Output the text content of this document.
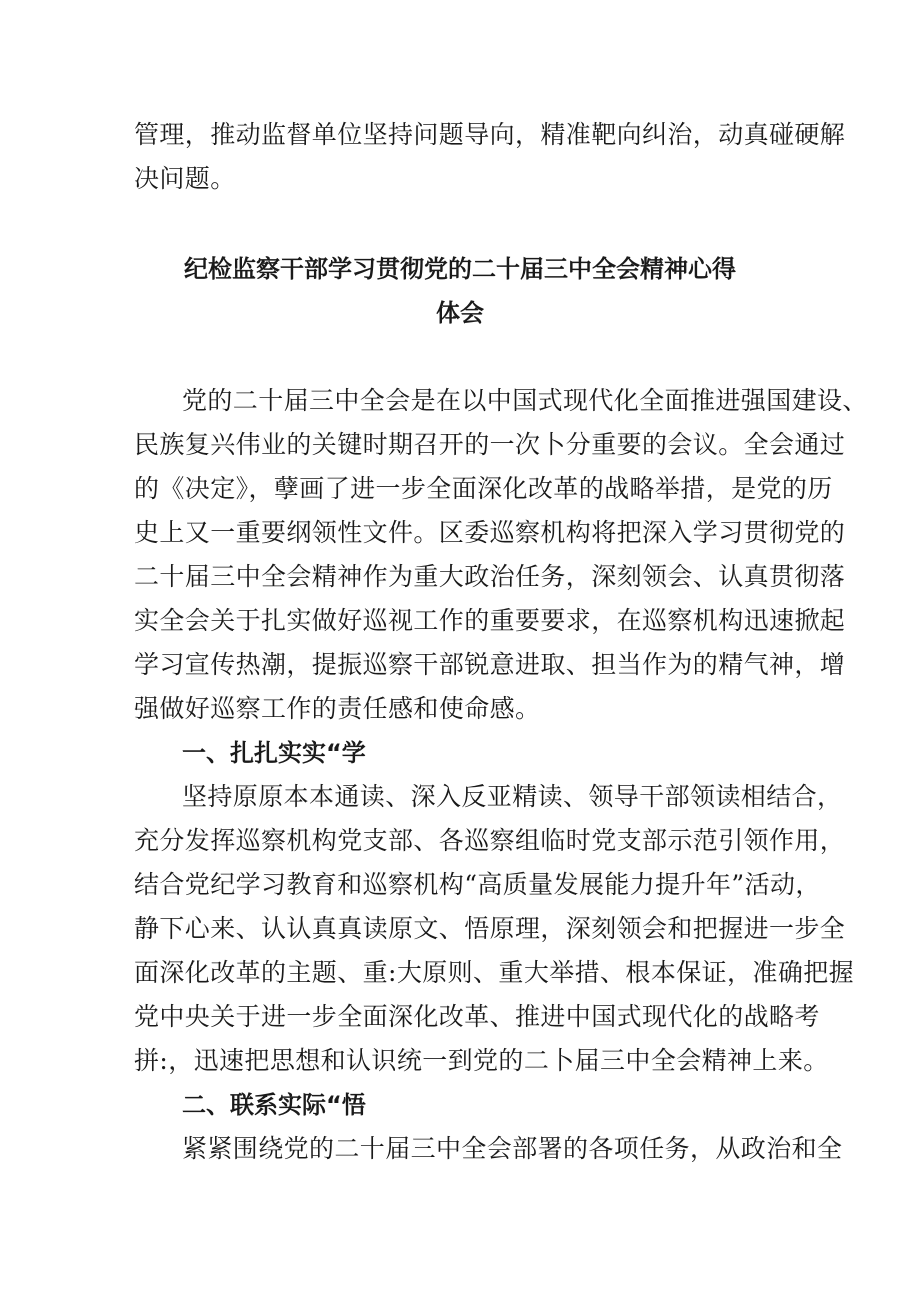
管理，推动监督单位坚持问题导向，精准靶向纠治，动真碰硬解
决问题。
纪检监察干部学习贯彻党的二十届三中全会精神心得
体会
党的二十届三中全会是在以中国式现代化全面推进强国建设、
民族复兴伟业的关键时期召开的一次卜分重要的会议。全会通过
的《决定》，孽画了进一步全面深化改革的战略举措，是党的历
史上又一重要纲领性文件。区委巡察机构将把深入学习贯彻党的
二十届三中全会精神作为重大政治任务，深刻领会、认真贯彻落
实全会关于扎实做好巡视工作的重要要求，在巡察机构迅速掀起
学习宣传热潮，提振巡察干部锐意进取、担当作为的精气神，增
强做好巡察工作的责任感和使命感。
一、扎扎实实“学
坚持原原本本通读、深入反亚精读、领导干部领读相结合，
充分发挥巡察机构党支部、各巡察组临时党支部示范引领作用，
结合党纪学习教育和巡察机构“高质量发展能力提升年”活动，
静下心来、认认真真读原文、悟原理，深刻领会和把握进一步全
面深化改革的主题、重:大原则、重大举措、根本保证，准确把握
党中央关于进一步全面深化改革、推进中国式现代化的战略考
拼:，迅速把思想和认识统一到党的二卜届三中全会精神上来。
二、联系实际“悟
紧紧围绕党的二十届三中全会部署的各项任务，从政治和全
